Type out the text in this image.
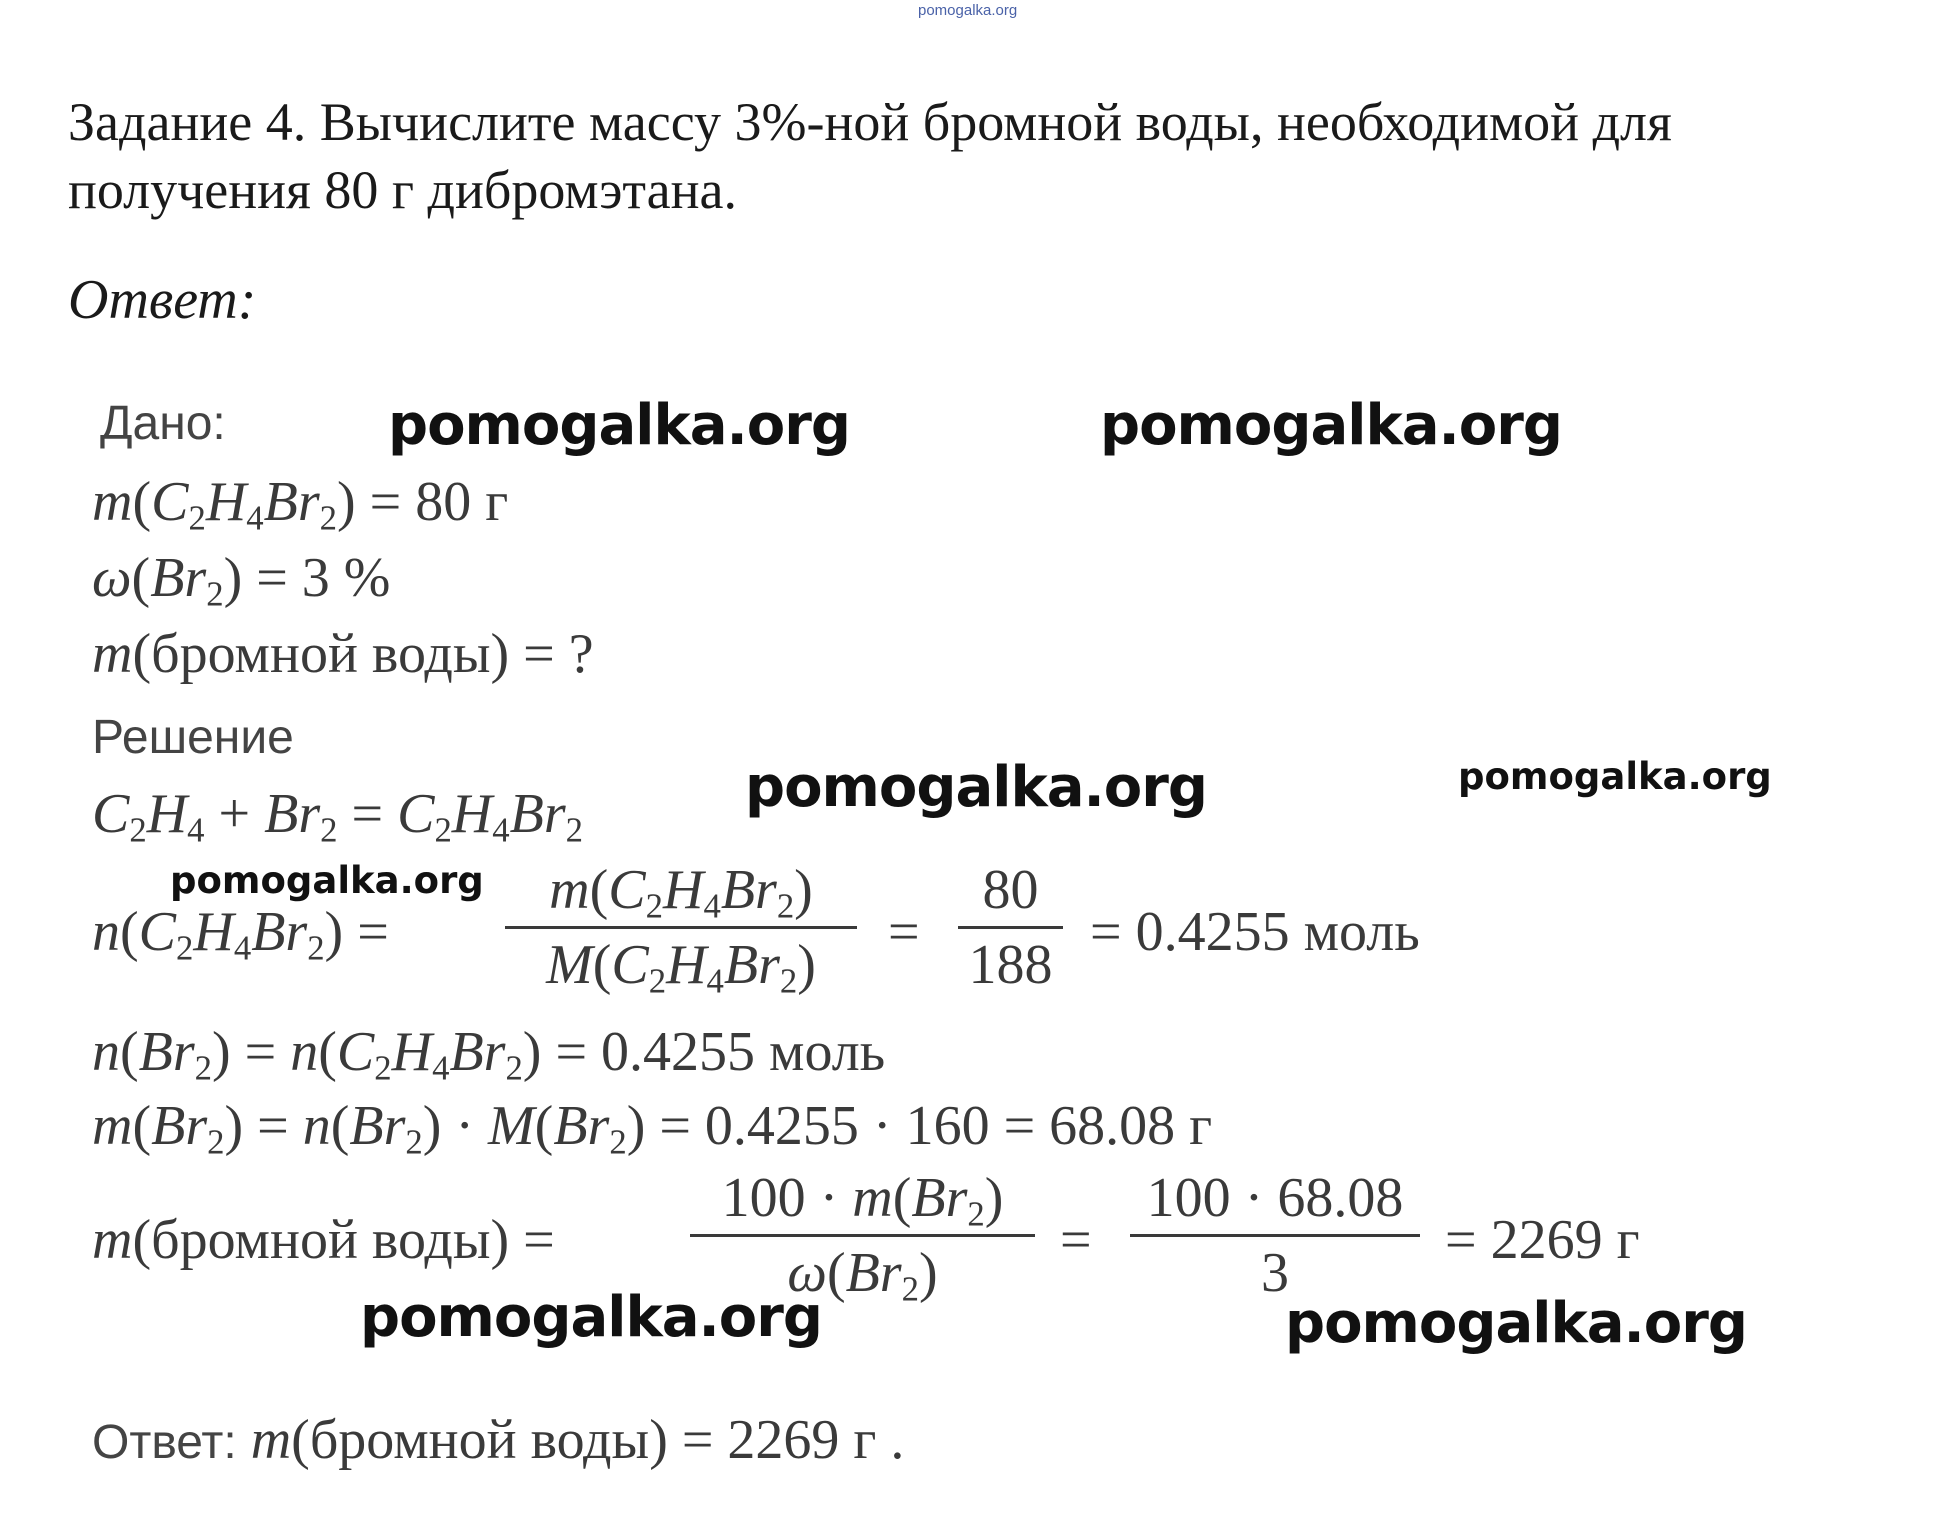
pomogalka.org
Задание 4. Вычислите массу 3%-ной бромной воды, необходимой для получения 80 г дибромэтана.
Ответ:
Дано:
$m(C_2H_4Br_2) = 80$ г
$\omega(Br_2) = 3$ %
m(бромной воды) = ?
Решение
$C_2H_4 + Br_2 = C_2H_4Br_2$
$n(C_2H_4Br_2)$ =
$m(C_2H_4Br_2)$
$M(C_2H_4Br_2)$
=
80
188
= 0.4255 моль
$n(Br_2) = n(C_2H_4Br_2) = 0.4255$ моль
$m(Br_2) = n(Br_2) \cdot M(Br_2) = 0.4255 \cdot 160 = 68.08$ г
m(бромной воды) =
$100 \cdot m(Br_2)$
$\omega(Br_2)$
=
100 · 68.08
3
= 2269 г
Ответ: m(бромной воды) = 2269 г .
pomogalka.org	pomogalka.org
pomogalka.org	pomogalka.org
pomogalka.org
pomogalka.org	pomogalka.org
